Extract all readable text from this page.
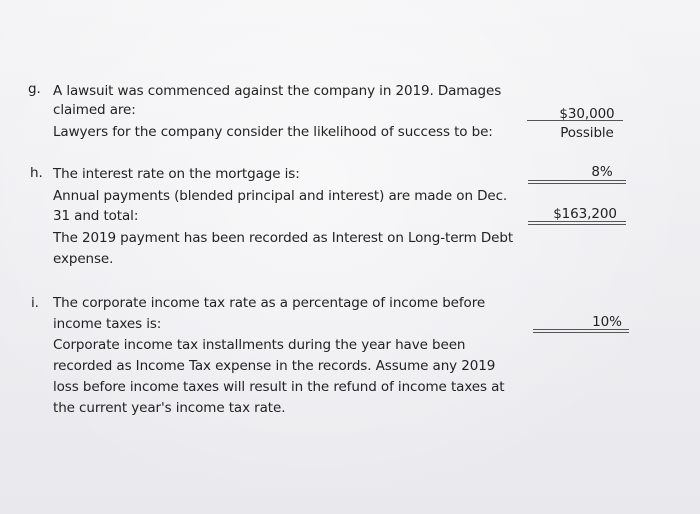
g. A lawsuit was commenced against the company in 2019. Damages
claimed are:
Lawyers for the company consider the likelihood of success to be:
$30,000
Possible
h. The interest rate on the mortgage is:
Annual payments (blended principal and interest) are made on Dec.
31 and total:
The 2019 payment has been recorded as Interest on Long-term Debt
expense.
8%
$163,200
i. The corporate income tax rate as a percentage of income before
income taxes is:
Corporate income tax installments during the year have been
recorded as Income Tax expense in the records. Assume any 2019
loss before income taxes will result in the refund of income taxes at
the current year's income tax rate.
10%
